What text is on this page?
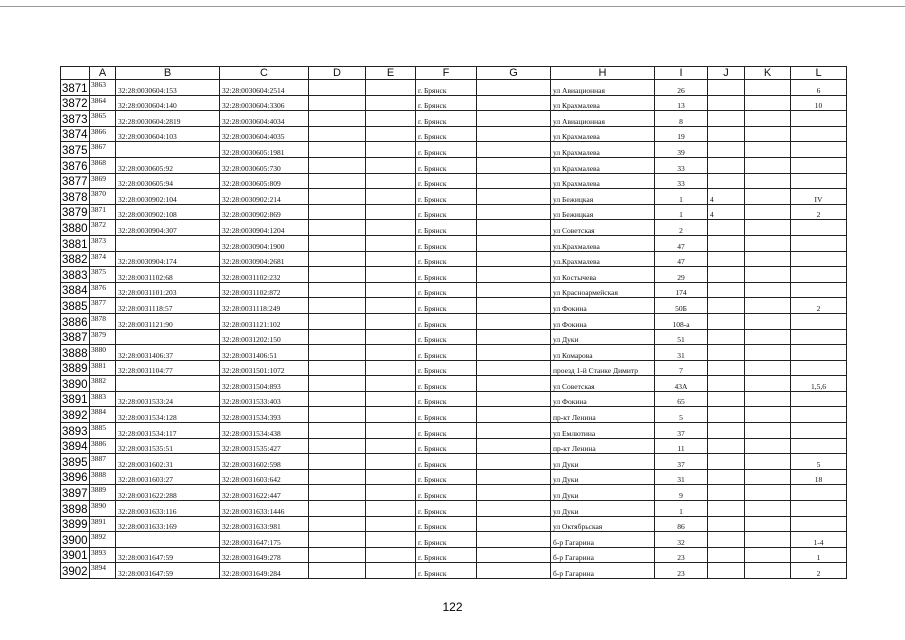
	A	B	C	D	E	F	G	H	I	J	K	L
3871	3863	32:28:0030604:153	32:28:0030604:2514			г. Брянск		ул Авиационная	26			6
3872	3864	32:28:0030604:140	32:28:0030604:3306			г. Брянск		ул Крахмалева	13			10
3873	3865	32:28:0030604:2819	32:28:0030604:4034			г. Брянск		ул Авиационная	8			
3874	3866	32:28:0030604:103	32:28:0030604:4035			г. Брянск		ул Крахмалева	19			
3875	3867		32:28:0030605:1981			г. Брянск		ул Крахмалева	39			
3876	3868	32:28:0030605:92	32:28:0030605:730			г. Брянск		ул Крахмалева	33			
3877	3869	32:28:0030605:94	32:28:0030605:809			г. Брянск		ул Крахмалева	33			
3878	3870	32:28:0030902:104	32:28:0030902:214			г. Брянск		ул Бежицкая	1	4		IV
3879	3871	32:28:0030902:108	32:28:0030902:869			г. Брянск		ул Бежицкая	1	4		2
3880	3872	32:28:0030904:307	32:28:0030904:1204			г. Брянск		ул Советская	2			
3881	3873		32:28:0030904:1900			г. Брянск		ул.Крахмалева	47			
3882	3874	32:28:0030904:174	32:28:0030904:2681			г. Брянск		ул.Крахмалева	47			
3883	3875	32:28:0031102:68	32:28:0031102:232			г. Брянск		ул Костычева	29			
3884	3876	32:28:0031101:203	32:28:0031102:872			г. Брянск		ул Красноармейская	174			
3885	3877	32:28:0031118:57	32:28:0031118:249			г. Брянск		ул Фокина	50Б			2
3886	3878	32:28:0031121:90	32:28:0031121:102			г. Брянск		ул Фокина	108-а			
3887	3879		32:28:0031202:150			г. Брянск		ул Дуки	51			
3888	3880	32:28:0031406:37	32:28:0031406:51			г. Брянск		ул Комарова	31			
3889	3881	32:28:0031104:77	32:28:0031501:1072			г. Брянск		проезд 1-й Станке Димитр	7			
3890	3882		32:28:0031504:893			г. Брянск		ул Советская	43А			1,5,6
3891	3883	32:28:0031533:24	32:28:0031533:403			г. Брянск		ул Фокина	65			
3892	3884	32:28:0031534:128	32:28:0031534:393			г. Брянск		пр-кт Ленина	5			
3893	3885	32:28:0031534:117	32:28:0031534:438			г. Брянск		ул Емлютина	37			
3894	3886	32:28:0031535:51	32:28:0031535:427			г. Брянск		пр-кт Ленина	11			
3895	3887	32:28:0031602:31	32:28:0031602:598			г. Брянск		ул Дуки	37			5
3896	3888	32:28:0031603:27	32:28:0031603:642			г. Брянск		ул Дуки	31			18
3897	3889	32:28:0031622:288	32:28:0031622:447			г. Брянск		ул Дуки	9			
3898	3890	32:28:0031633:116	32:28:0031633:1446			г. Брянск		ул Дуки	1			
3899	3891	32:28:0031633:169	32:28:0031633:981			г. Брянск		ул Октябрьская	86			
3900	3892		32:28:0031647:175			г. Брянск		б-р Гагарина	32			1-4
3901	3893	32:28:0031647:59	32:28:0031649:278			г. Брянск		б-р Гагарина	23			1
3902	3894	32:28:0031647:59	32:28:0031649:284			г. Брянск		б-р Гагарина	23			2
122
